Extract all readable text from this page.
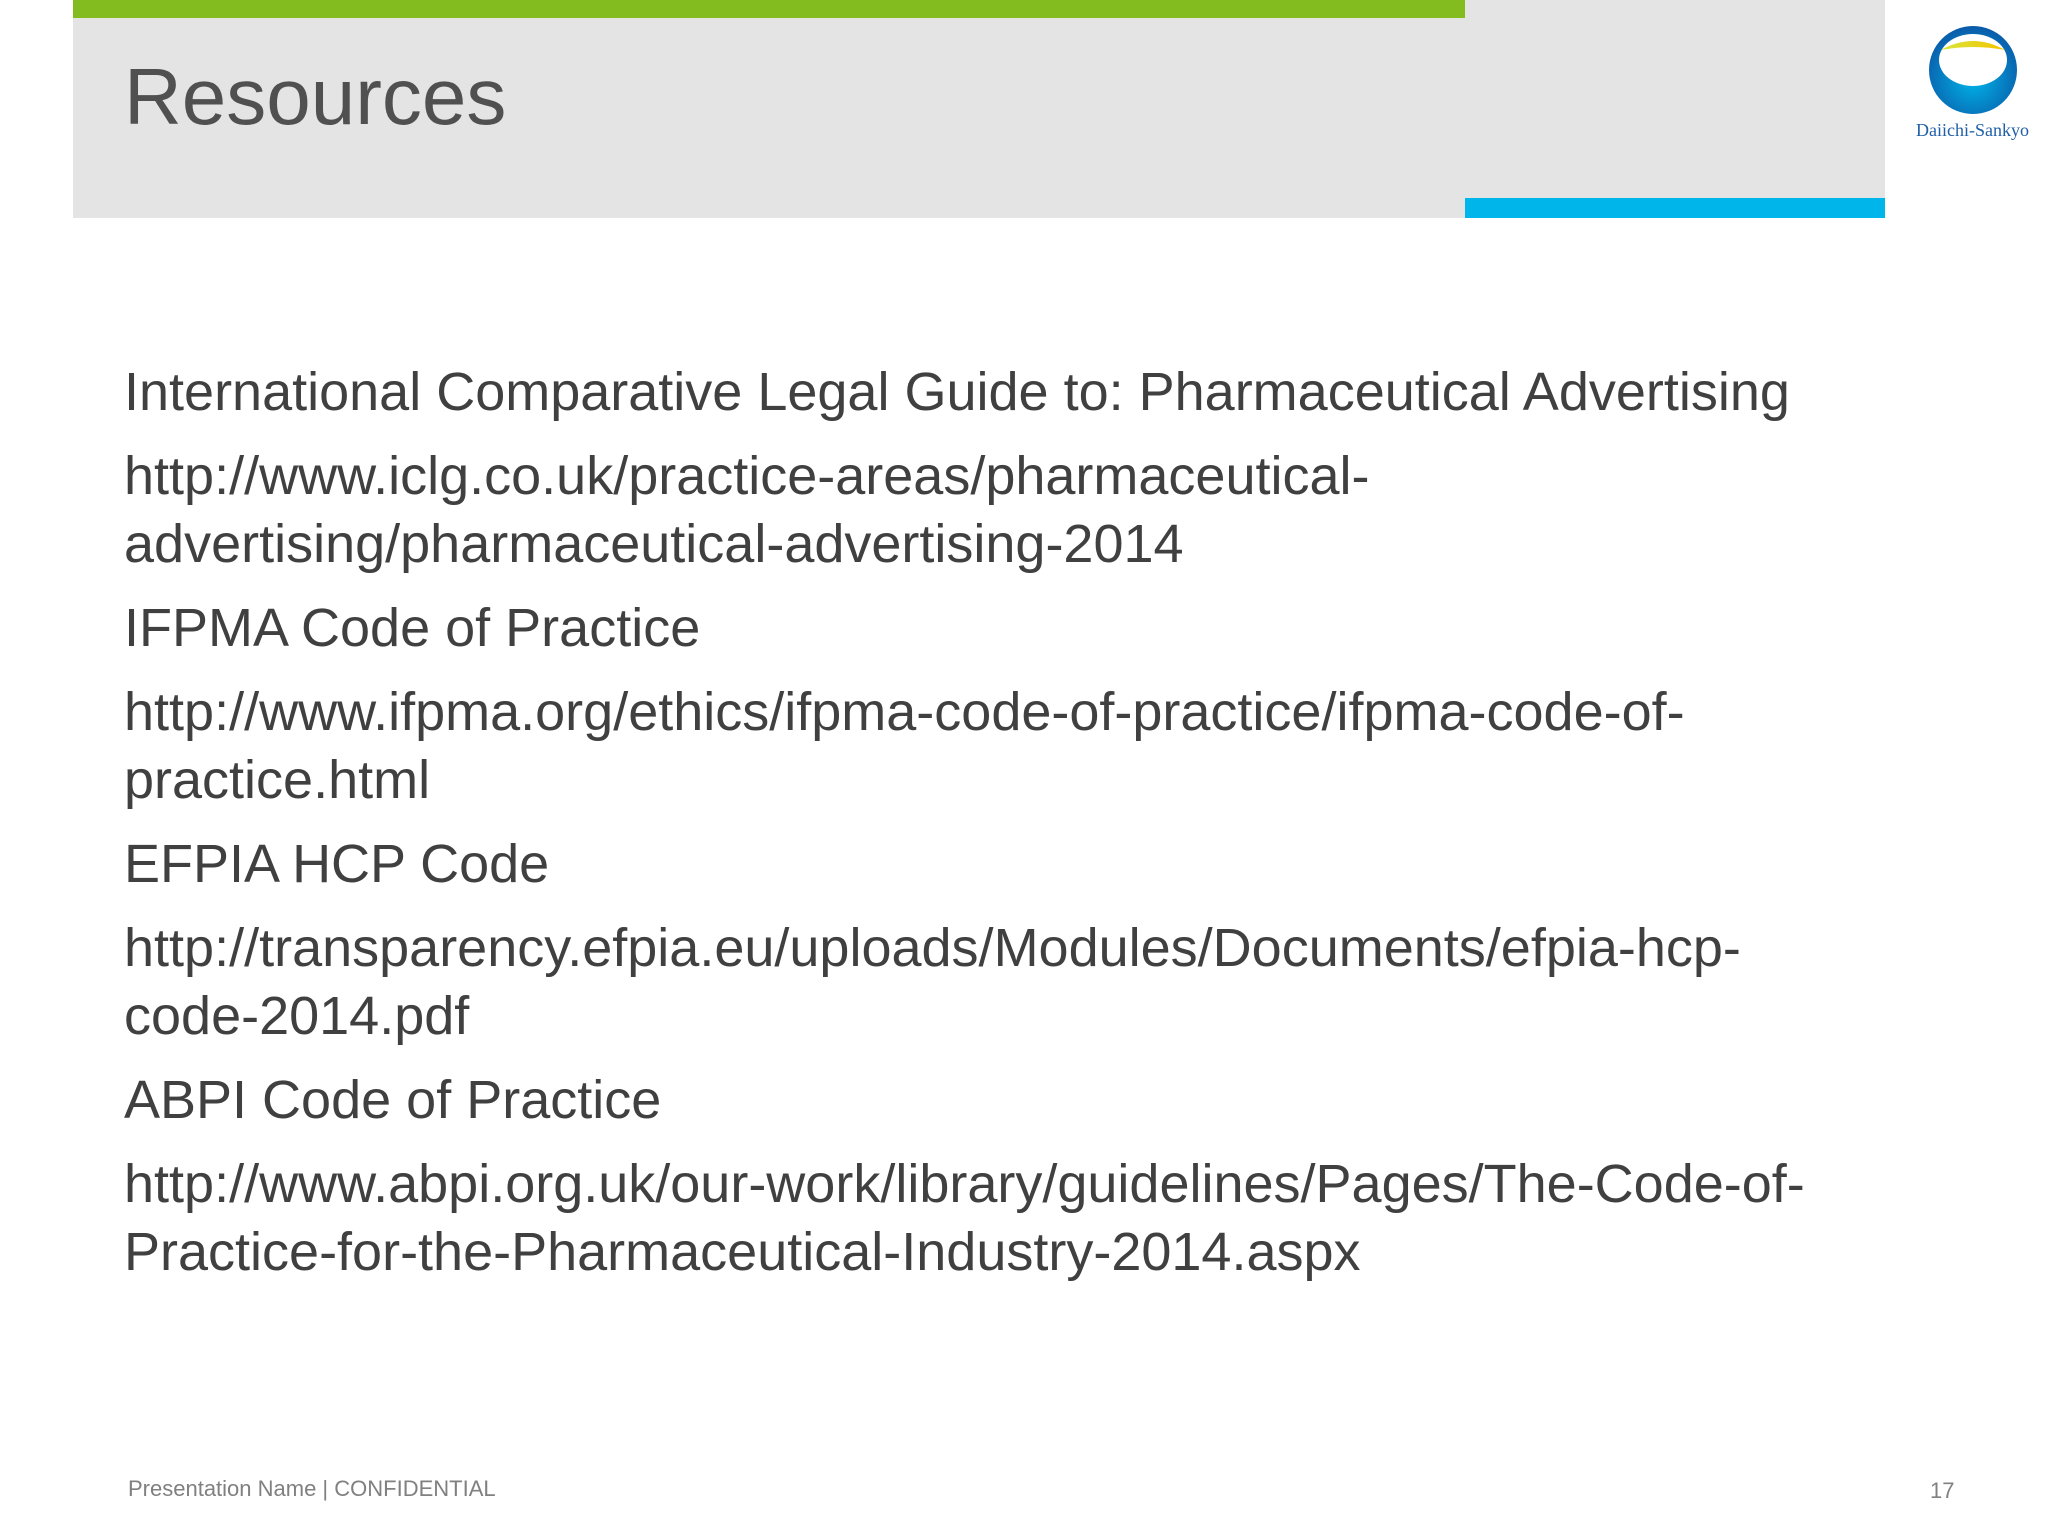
Resources	Daiichi-Sankyo

International Comparative Legal Guide to: Pharmaceutical Advertising

http://www.iclg.co.uk/practice-areas/pharmaceutical-
advertising/pharmaceutical-advertising-2014

IFPMA Code of Practice

http://www.ifpma.org/ethics/ifpma-code-of-practice/ifpma-code-of-
practice.html

EFPIA HCP Code

http://transparency.efpia.eu/uploads/Modules/Documents/efpia-hcp-
code-2014.pdf

ABPI Code of Practice

http://www.abpi.org.uk/our-work/library/guidelines/Pages/The-Code-of-
Practice-for-the-Pharmaceutical-Industry-2014.aspx

Presentation Name | CONFIDENTIAL	17
